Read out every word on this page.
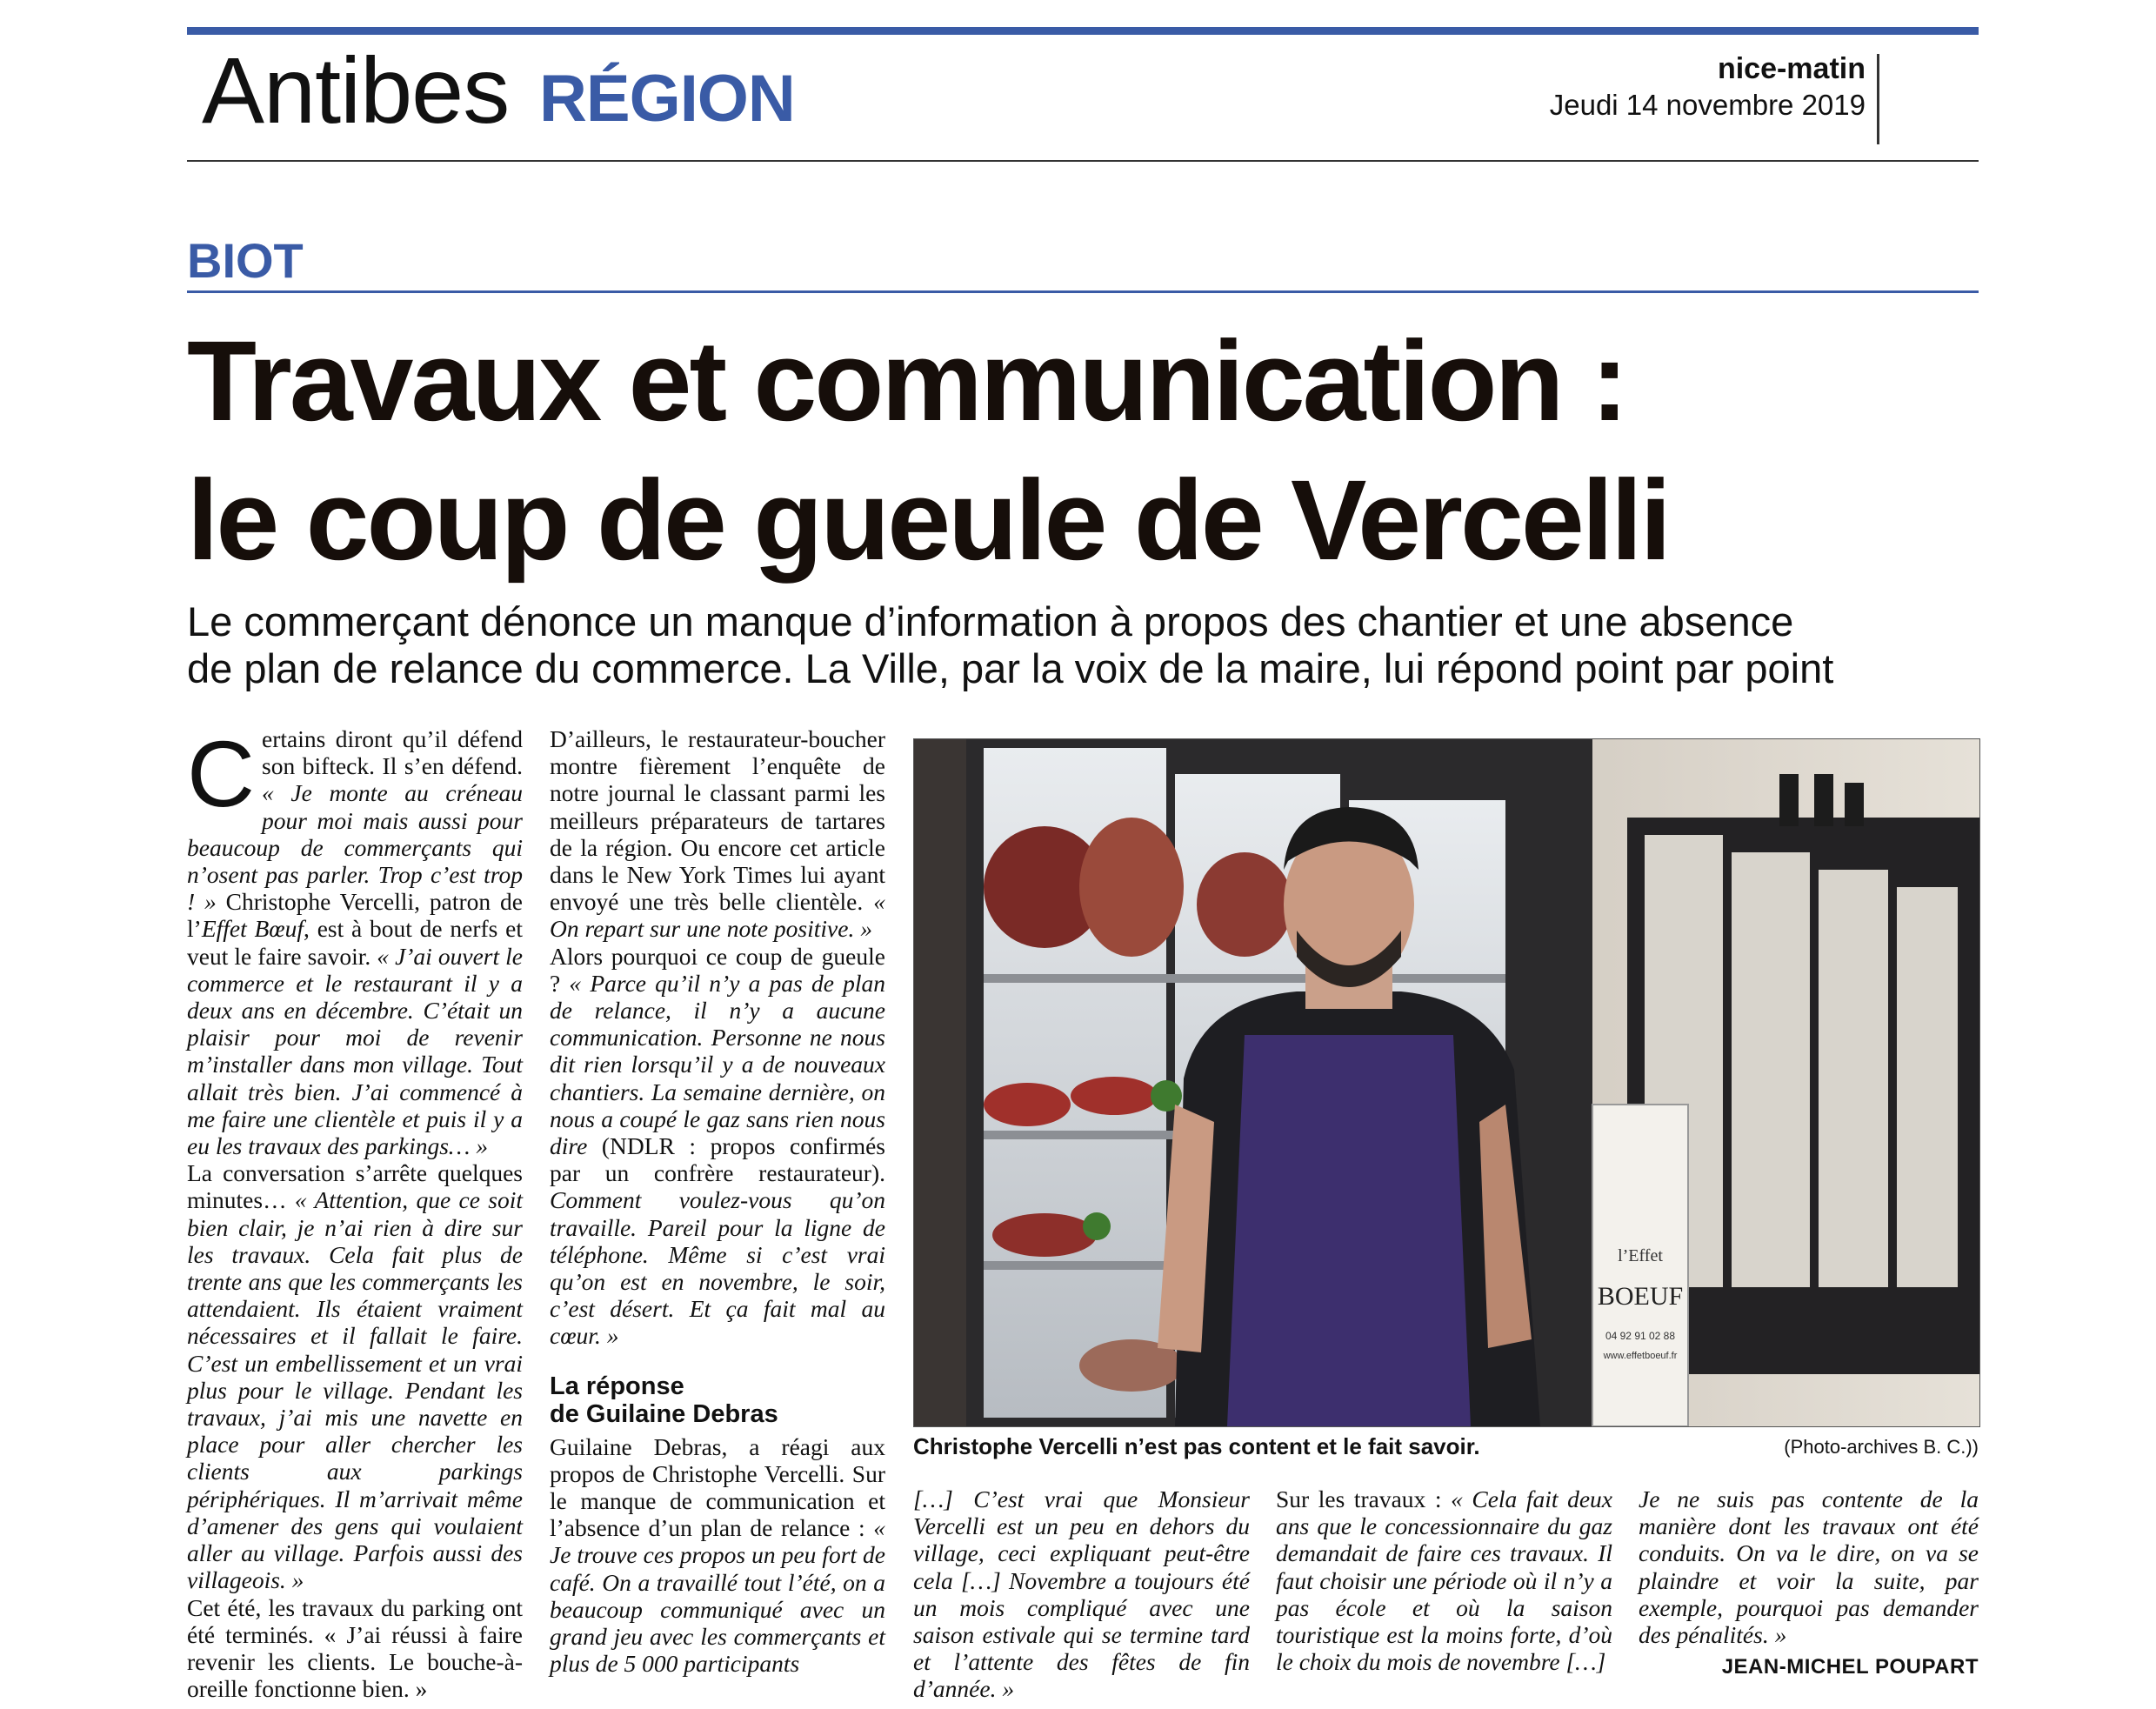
Antibes RÉGION	nice-matin
Jeudi 14 novembre 2019
BIOT
Travaux et communication :
le coup de gueule de Vercelli
Le commerçant dénonce un manque d’information à propos des chantier et une absence
de plan de relance du commerce. La Ville, par la voix de la maire, lui répond point par point

Certains diront qu’il défend son bifteck. Il s’en défend. « Je monte au créneau pour moi mais aussi pour beaucoup de commerçants qui n’osent pas parler. Trop c’est trop ! » Christophe Vercelli, patron de l’Effet Bœuf, est à bout de nerfs et veut le faire savoir. « J’ai ouvert le commerce et le restaurant il y a deux ans en décembre. C’était un plaisir pour moi de revenir m’installer dans mon village. Tout allait très bien. J’ai commencé à me faire une clientèle et puis il y a eu les travaux des parkings… »

La conversation s’arrête quelques minutes… « Attention, que ce soit bien clair, je n’ai rien à dire sur les travaux. Cela fait plus de trente ans que les commerçants les attendaient. Ils étaient vraiment nécessaires et il fallait le faire. C’est un embellissement et un vrai plus pour le village. Pendant les travaux, j’ai mis une navette en place pour aller chercher les clients aux parkings périphériques. Il m’arrivait même d’amener des gens qui voulaient aller au village. Parfois aussi des villageois. »

Cet été, les travaux du parking ont été terminés. « J’ai réussi à faire revenir les clients. Le bouche-à-oreille fonctionne bien. »

D’ailleurs, le restaurateur-boucher montre fièrement l’enquête de notre journal le classant parmi les meilleurs préparateurs de tartares de la région. Ou encore cet article dans le New York Times lui ayant envoyé une très belle clientèle. « On repart sur une note positive. »

Alors pourquoi ce coup de gueule ? « Parce qu’il n’y a pas de plan de relance, il n’y a aucune communication. Personne ne nous dit rien lorsqu’il y a de nouveaux chantiers. La semaine dernière, on nous a coupé le gaz sans rien nous dire (NDLR : propos confirmés par un confrère restaurateur). Comment voulez-vous qu’on travaille. Pareil pour la ligne de téléphone. Même si c’est vrai qu’on est en novembre, le soir, c’est désert. Et ça fait mal au cœur. »

La réponse
de Guilaine Debras

Guilaine Debras, a réagi aux propos de Christophe Vercelli. Sur le manque de communication et l’absence d’un plan de relance : « Je trouve ces propos un peu fort de café. On a travaillé tout l’été, on a beaucoup communiqué avec un grand jeu avec les commerçants et plus de 5 000 participants

l’Effet
BOEUF
04 92 91 02 88
www.effetboeuf.fr
Christophe Vercelli n’est pas content et le fait savoir.	(Photo-archives B. C.))

[…] C’est vrai que Monsieur Vercelli est un peu en dehors du village, ceci expliquant peut-être cela […] Novembre a toujours été un mois compliqué avec une saison estivale qui se termine tard et l’attente des fêtes de fin d’année. »

Sur les travaux : « Cela fait deux ans que le concessionnaire du gaz demandait de faire ces travaux. Il faut choisir une période où il n’y a pas école et où la saison touristique est la moins forte, d’où le choix du mois de novembre […]

Je ne suis pas contente de la manière dont les travaux ont été conduits. On va le dire, on va se plaindre et voir la suite, par exemple, pourquoi pas demander des pénalités. »

JEAN-MICHEL POUPART
